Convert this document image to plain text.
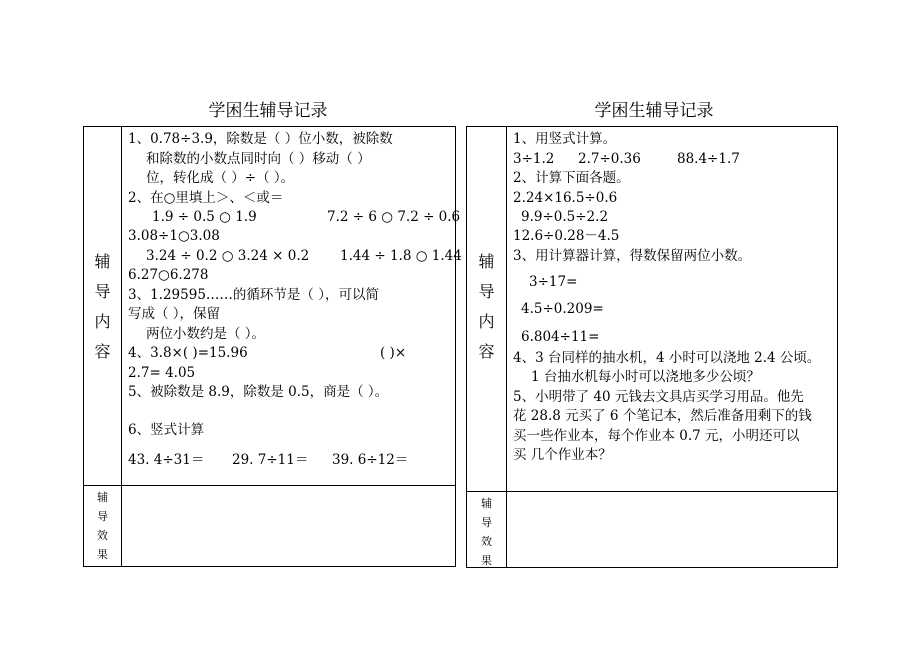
学困生辅导记录
辅
导
内
容
1、0.78÷3.9，除数是（ ）位小数，被除数
和除数的小数点同时向（ ）移动（ ）
位，转化成（ ）÷（ ）。
2、在○里填上＞、＜或＝
1.9 ÷ 0.5 ○ 1.9	7.2 ÷ 6 ○ 7.2 ÷ 0.6
3.08÷1○3.08
3.24 ÷ 0.2 ○ 3.24 × 0.2 1.44 ÷ 1.8 ○ 1.44
6.27○6.278
3、1.29595……的循环节是（ ），可以简
写成（ ），保留
两位小数约是（ ）。
4、3.8×( )=15.96	( )×
2.7= 4.05
5、被除数是 8.9，除数是 0.5，商是（ ）。
6、竖式计算
43. 4÷31＝ 29. 7÷11＝ 39. 6÷12＝
辅
导
效
果
学困生辅导记录
辅
导
内
容
1、用竖式计算。
3÷1.2 2.7÷0.36	88.4÷1.7
2、计算下面各题。
2.24×16.5÷0.6
9.9÷0.5÷2.2
12.6÷0.28－4.5
3、用计算器计算，得数保留两位小数。
3÷17=
4.5÷0.209=
6.804÷11=
4、3 台同样的抽水机，4 小时可以浇地 2.4 公顷。
1 台抽水机每小时可以浇地多少公顷？
5、小明带了 40 元钱去文具店买学习用品。他先
花 28.8 元买了 6 个笔记本，然后准备用剩下的钱
买一些作业本，每个作业本 0.7 元，小明还可以
买 几个作业本？
辅
导
效
果
